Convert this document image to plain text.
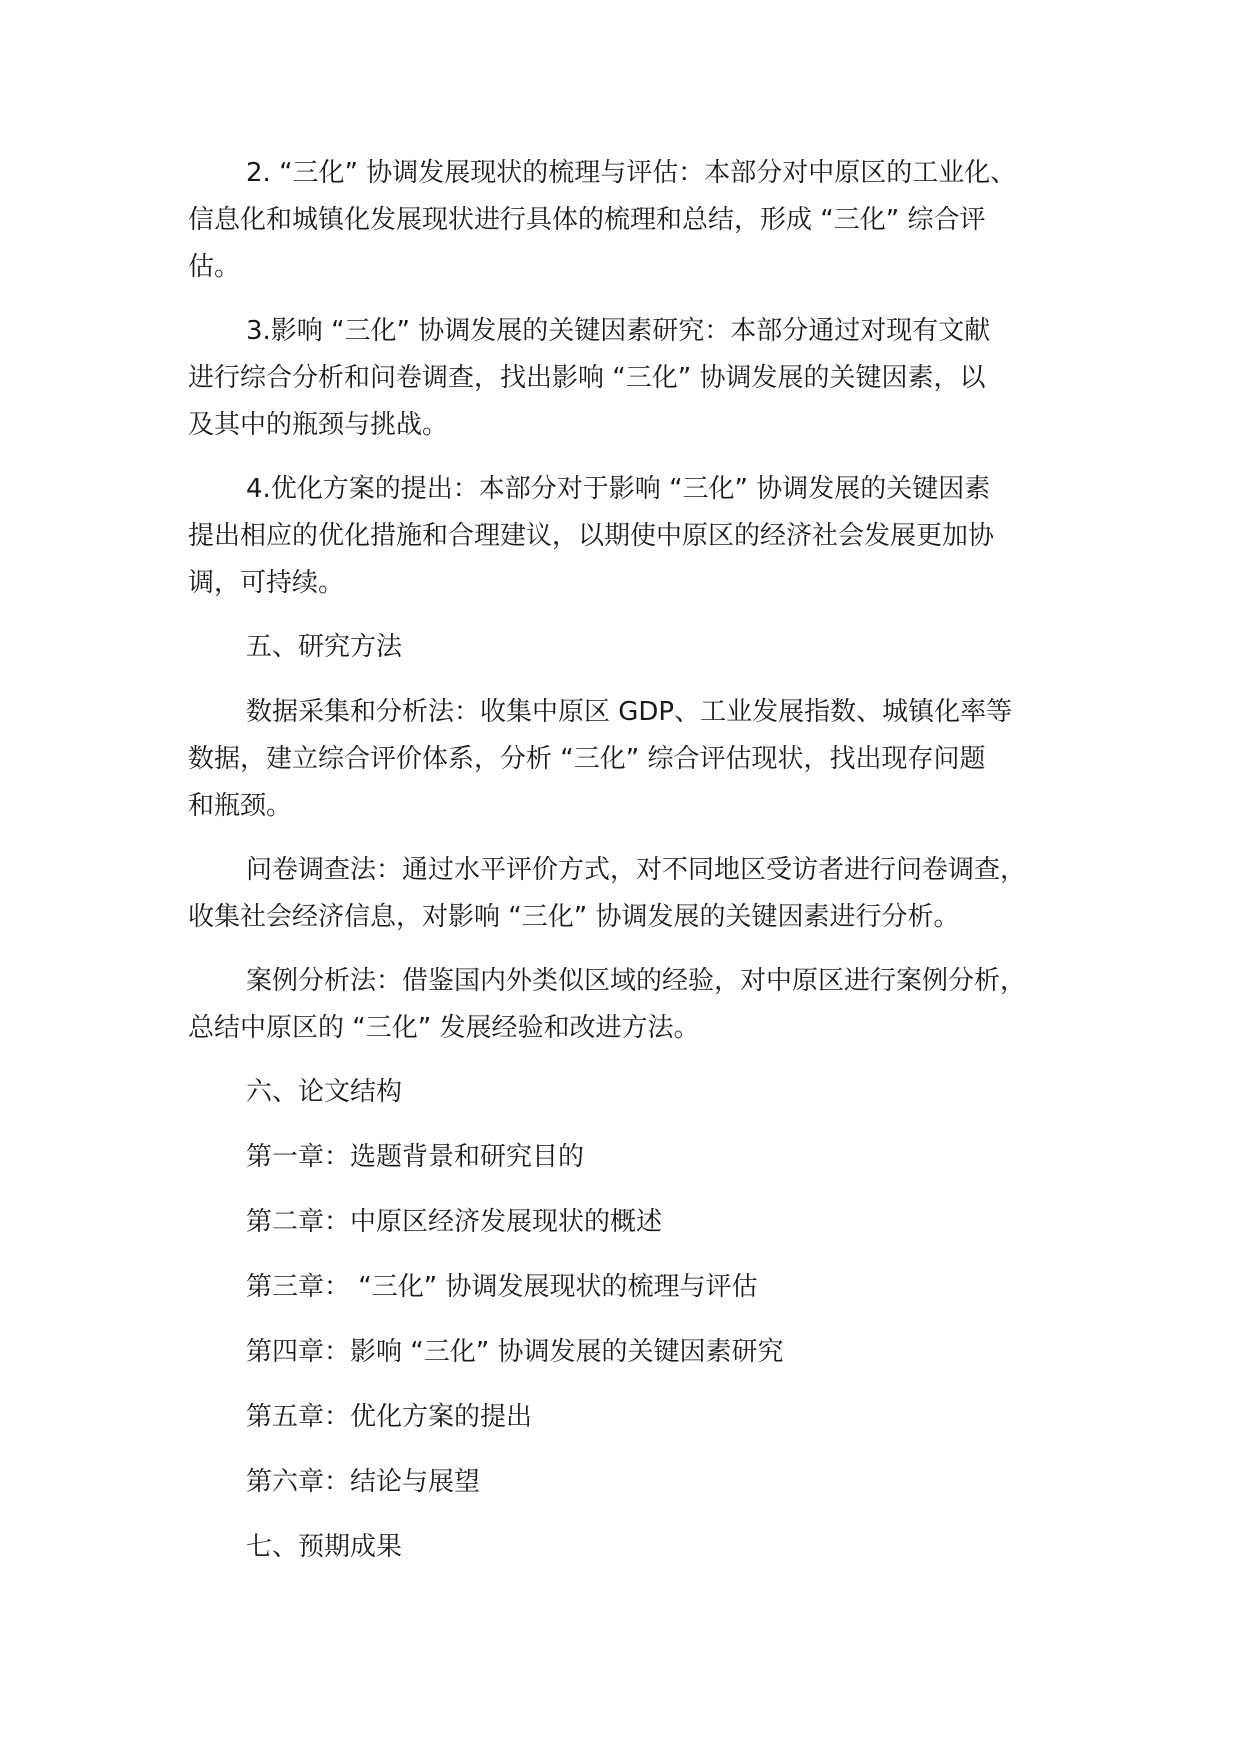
2. “三化” 协调发展现状的梳理与评估：本部分对中原区的工业化、
信息化和城镇化发展现状进行具体的梳理和总结，形成 “三化” 综合评
估。
3.影响 “三化” 协调发展的关键因素研究：本部分通过对现有文献
进行综合分析和问卷调查，找出影响 “三化” 协调发展的关键因素，以
及其中的瓶颈与挑战。
4.优化方案的提出：本部分对于影响 “三化” 协调发展的关键因素
提出相应的优化措施和合理建议，以期使中原区的经济社会发展更加协
调，可持续。
五、研究方法
数据采集和分析法：收集中原区 GDP、工业发展指数、城镇化率等
数据，建立综合评价体系，分析 “三化” 综合评估现状，找出现存问题
和瓶颈。
问卷调查法：通过水平评价方式，对不同地区受访者进行问卷调查，
收集社会经济信息，对影响 “三化” 协调发展的关键因素进行分析。
案例分析法：借鉴国内外类似区域的经验，对中原区进行案例分析，
总结中原区的 “三化” 发展经验和改进方法。
六、论文结构
第一章：选题背景和研究目的
第二章：中原区经济发展现状的概述
第三章： “三化” 协调发展现状的梳理与评估
第四章：影响 “三化” 协调发展的关键因素研究
第五章：优化方案的提出
第六章：结论与展望
七、预期成果
